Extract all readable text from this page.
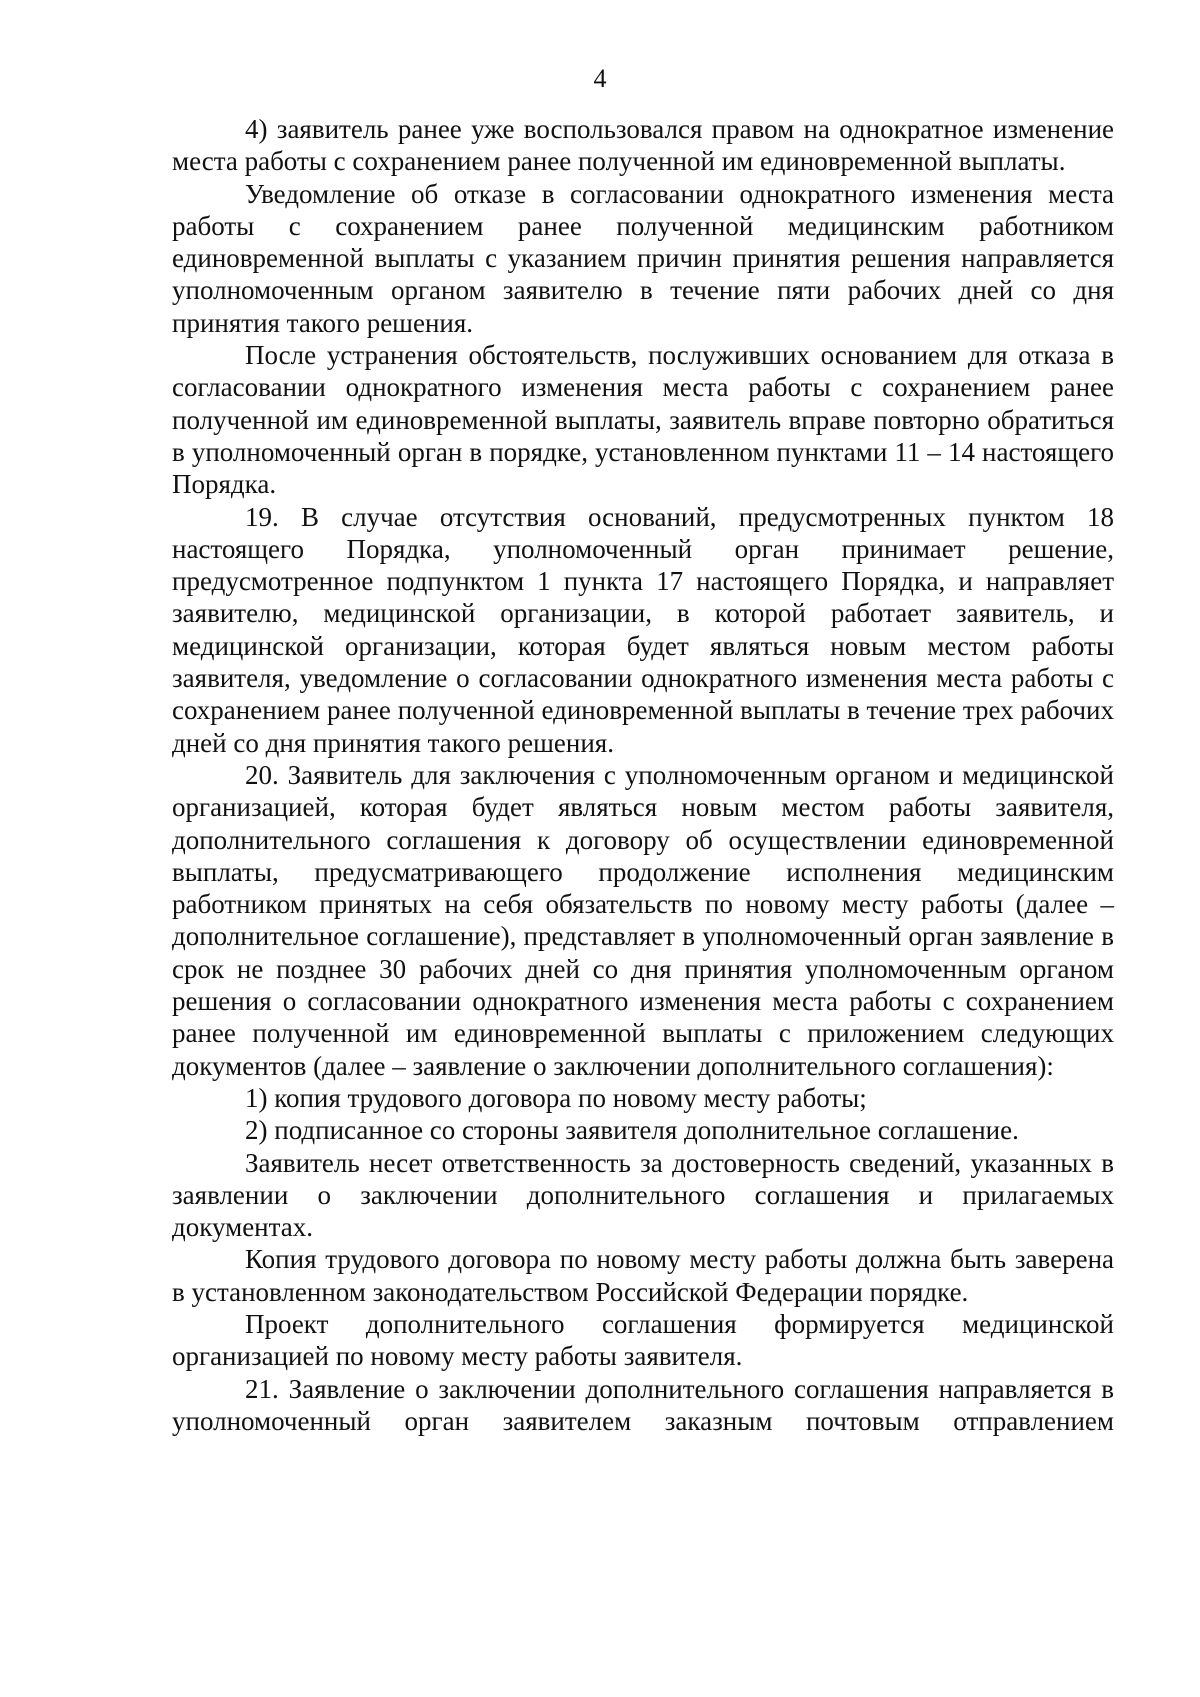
4

4) заявитель ранее уже воспользовался правом на однократное изменение места работы с сохранением ранее полученной им единовременной выплаты.

Уведомление об отказе в согласовании однократного изменения места работы с сохранением ранее полученной медицинским работником единовременной выплаты с указанием причин принятия решения направляется уполномоченным органом заявителю в течение пяти рабочих дней со дня принятия такого решения.

После устранения обстоятельств, послуживших основанием для отказа в согласовании однократного изменения места работы с сохранением ранее полученной им единовременной выплаты, заявитель вправе повторно обратиться в уполномоченный орган в порядке, установленном пунктами 11 – 14 настоящего Порядка.

19. В случае отсутствия оснований, предусмотренных пунктом 18 настоящего Порядка, уполномоченный орган принимает решение, предусмотренное подпунктом 1 пункта 17 настоящего Порядка, и направляет заявителю, медицинской организации, в которой работает заявитель, и медицинской организации, которая будет являться новым местом работы заявителя, уведомление о согласовании однократного изменения места работы с сохранением ранее полученной единовременной выплаты в течение трех рабочих дней со дня принятия такого решения.

20. Заявитель для заключения с уполномоченным органом и медицинской организацией, которая будет являться новым местом работы заявителя, дополнительного соглашения к договору об осуществлении единовременной выплаты, предусматривающего продолжение исполнения медицинским работником принятых на себя обязательств по новому месту работы (далее – дополнительное соглашение), представляет в уполномоченный орган заявление в срок не позднее 30 рабочих дней со дня принятия уполномоченным органом решения о согласовании однократного изменения места работы с сохранением ранее полученной им единовременной выплаты с приложением следующих документов (далее – заявление о заключении дополнительного соглашения):

1) копия трудового договора по новому месту работы;

2) подписанное со стороны заявителя дополнительное соглашение.

Заявитель несет ответственность за достоверность сведений, указанных в заявлении о заключении дополнительного соглашения и прилагаемых документах.

Копия трудового договора по новому месту работы должна быть заверена в установленном законодательством Российской Федерации порядке.

Проект дополнительного соглашения формируется медицинской организацией по новому месту работы заявителя.

21. Заявление о заключении дополнительного соглашения направляется в уполномоченный орган заявителем заказным почтовым отправлением
